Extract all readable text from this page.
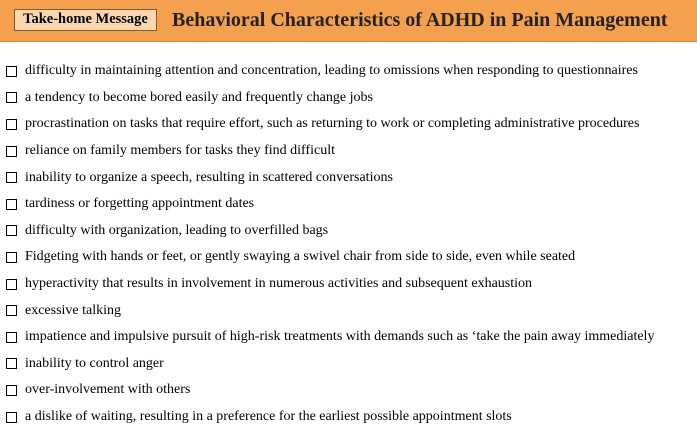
Take-home Message	Behavioral Characteristics of ADHD in Pain Management
difficulty in maintaining attention and concentration, leading to omissions when responding to questionnaires
a tendency to become bored easily and frequently change jobs
procrastination on tasks that require effort, such as returning to work or completing administrative procedures
reliance on family members for tasks they find difficult
inability to organize a speech, resulting in scattered conversations
tardiness or forgetting appointment dates
difficulty with organization, leading to overfilled bags
Fidgeting with hands or feet, or gently swaying a swivel chair from side to side, even while seated
hyperactivity that results in involvement in numerous activities and subsequent exhaustion
excessive talking
impatience and impulsive pursuit of high-risk treatments with demands such as ‘take the pain away immediately
inability to control anger
over-involvement with others
a dislike of waiting, resulting in a preference for the earliest possible appointment slots
